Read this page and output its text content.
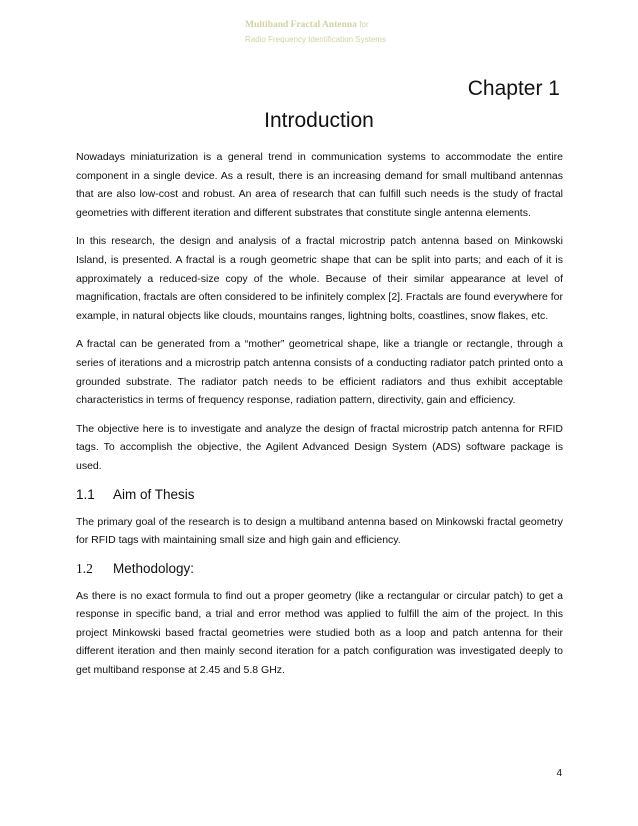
Multiband Fractal Antenna for
Radio Frequency Identification Systems
Chapter 1
Introduction

Nowadays miniaturization is a general trend in communication systems to accommodate the entire component in a single device. As a result, there is an increasing demand for small multiband antennas that are also low-cost and robust. An area of research that can fulfill such needs is the study of fractal geometries with different iteration and different substrates that constitute single antenna elements.

In this research, the design and analysis of a fractal microstrip patch antenna based on Minkowski Island, is presented. A fractal is a rough geometric shape that can be split into parts; and each of it is approximately a reduced-size copy of the whole. Because of their similar appearance at level of magnification, fractals are often considered to be infinitely complex [2]. Fractals are found everywhere for example, in natural objects like clouds, mountains ranges, lightning bolts, coastlines, snow flakes, etc.

A fractal can be generated from a “mother” geometrical shape, like a triangle or rectangle, through a series of iterations and a microstrip patch antenna consists of a conducting radiator patch printed onto a grounded substrate. The radiator patch needs to be efficient radiators and thus exhibit acceptable characteristics in terms of frequency response, radiation pattern, directivity, gain and efficiency.

The objective here is to investigate and analyze the design of fractal microstrip patch antenna for RFID tags. To accomplish the objective, the Agilent Advanced Design System (ADS) software package is used.

1.1	Aim of Thesis

The primary goal of the research is to design a multiband antenna based on Minkowski fractal geometry for RFID tags with maintaining small size and high gain and efficiency.

1.2	Methodology:

As there is no exact formula to find out a proper geometry (like a rectangular or circular patch) to get a response in specific band, a trial and error method was applied to fulfill the aim of the project. In this project Minkowski based fractal geometries were studied both as a loop and patch antenna for their different iteration and then mainly second iteration for a patch configuration was investigated deeply to get multiband response at 2.45 and 5.8 GHz.

4
